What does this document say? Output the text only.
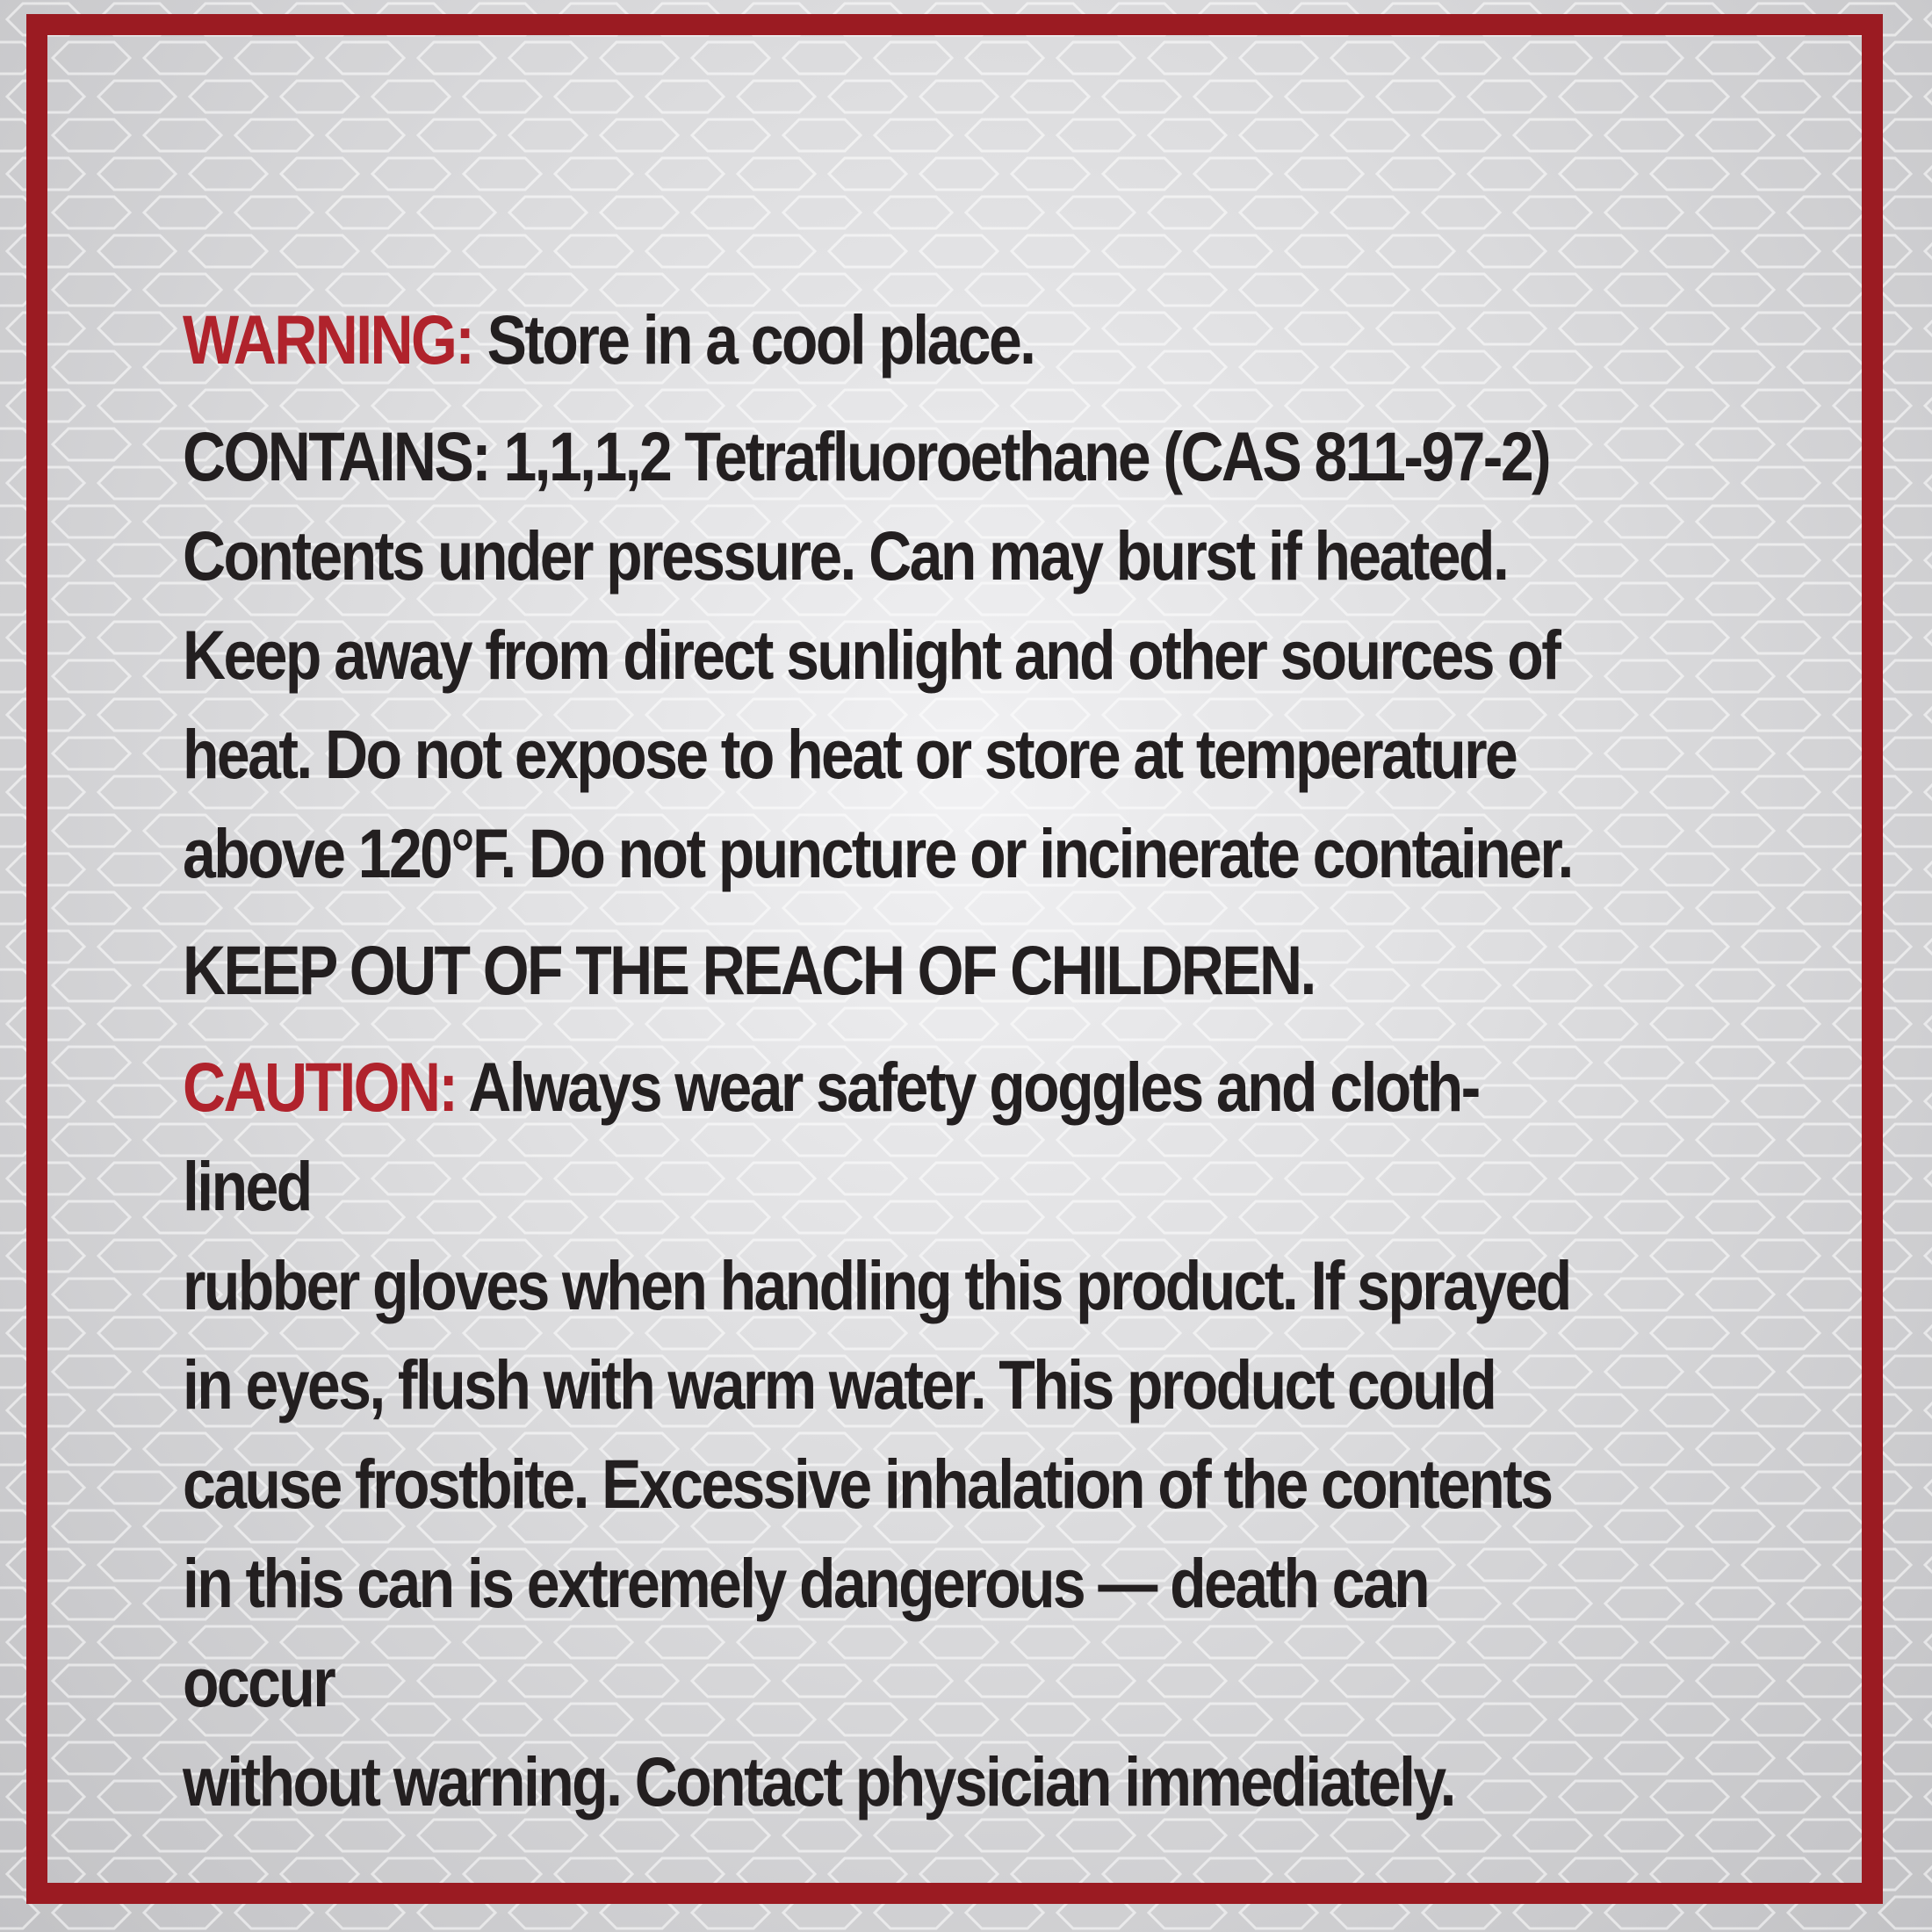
WARNING: Store in a cool place.

CONTAINS: 1,1,1,2 Tetrafluoroethane (CAS 811-97-2)
Contents under pressure. Can may burst if heated.
Keep away from direct sunlight and other sources of
heat. Do not expose to heat or store at temperature
above 120°F. Do not puncture or incinerate container.

KEEP OUT OF THE REACH OF CHILDREN.

CAUTION: Always wear safety goggles and cloth-lined
rubber gloves when handling this product. If sprayed
in eyes, flush with warm water. This product could
cause frostbite. Excessive inhalation of the contents
in this can is extremely dangerous — death can occur
without warning. Contact physician immediately.
